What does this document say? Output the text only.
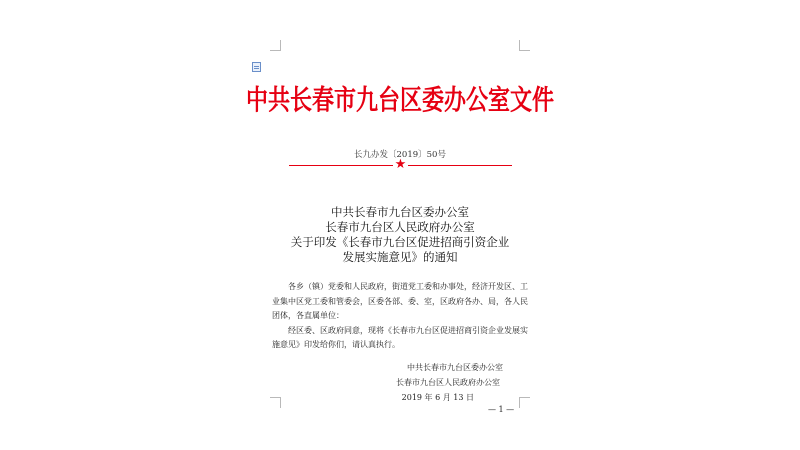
中共长春市九台区委办公室文件
长九办发〔2019〕50号
★
中共长春市九台区委办公室
长春市九台区人民政府办公室
关于印发《长春市九台区促进招商引资企业
发展实施意见》的通知

各乡（镇）党委和人民政府，街道党工委和办事处，经济开发区、工业集中区党工委和管委会，区委各部、委、室，区政府各办、局，各人民团体，各直属单位：

经区委、区政府同意，现将《长春市九台区促进招商引资企业发展实施意见》印发给你们，请认真执行。

中共长春市九台区委办公室
长春市九台区人民政府办公室
2019 年 6 月 13 日
— 1 —
